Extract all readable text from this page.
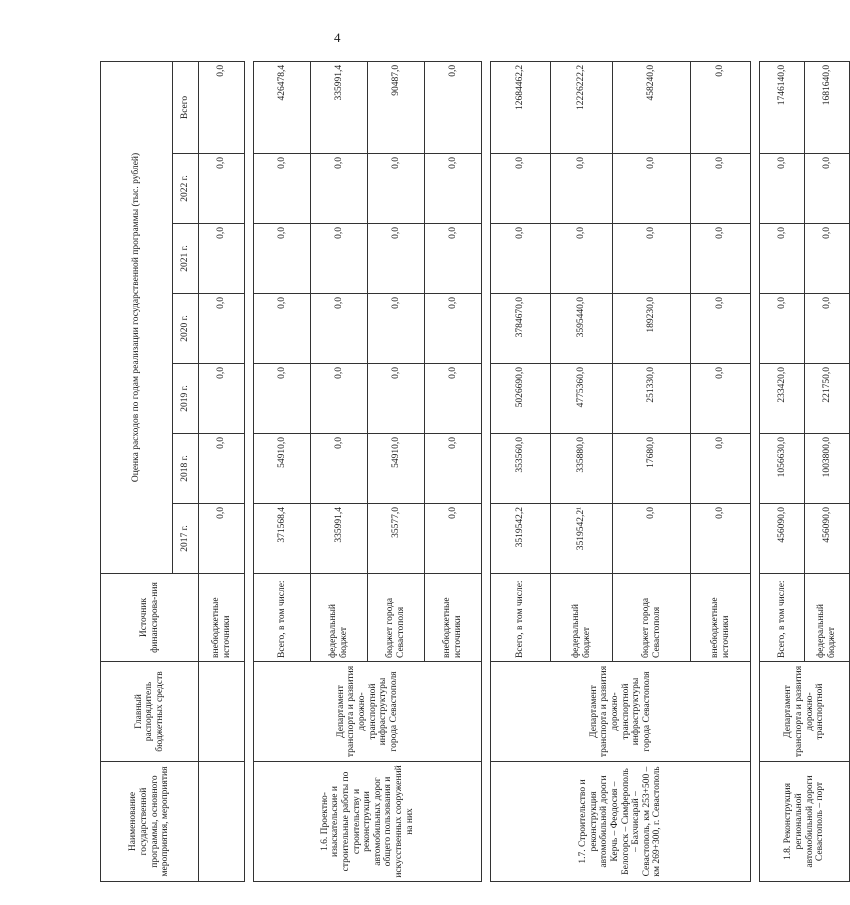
4
Наименование государственной программы, основного мероприятия, мероприятия	Главный распорядитель бюджетных средств	Источник финансирова-ния	Оценка расходов по годам реализации государственной программы (тыс. рублей)						
			2017 г.	2018 г.	2019 г.	2020 г.	2021 г.	2022 г.	Всего
		внебюджетные источники	0,0	0,0	0,0	0,0	0,0	0,0	0,0

1.6. Проектно-изыскательские и строительные работы по строительству и реконструкции автомобильных дорог общего пользования и искусственных сооружений на них	Департамент транспорта и развития дорожно-транспортной инфраструктуры города Севастополя	Всего, в том числе:	371568,4	54910,0	0,0	0,0	0,0	0,0	426478,4
		федеральный бюджет	335991,4	0,0	0,0	0,0	0,0	0,0	335991,4
		бюджет города Севастополя	35577,0	54910,0	0,0	0,0	0,0	0,0	90487,0
		внебюджетные источники	0,0	0,0	0,0	0,0	0,0	0,0	0,0

1.7. Строительство и реконструкция автомобильной дороги Керчь – Феодосия – Белогорск – Симферополь – Бахчисарай – Севастополь, км 253+500 – км 269+300, г. Севастополь	Департамент транспорта и развития дорожно-транспортной инфраструктуры города Севастополя	Всего, в том числе:	3519542,2	353560,0	5026690,0	3784670,0	0,0	0,0	12684462,2
		федеральный бюджет	3519542,2¹	335880,0	4775360,0	3595440,0	0,0	0,0	12226222,2
		бюджет города Севастополя	0,0	17680,0	251330,0	189230,0	0,0	0,0	458240,0
		внебюджетные источники	0,0	0,0	0,0	0,0	0,0	0,0	0,0

1.8. Реконструкция региональной автомобильной дороги Севастополь – порт	Департамент транспорта и развития дорожно-транспортной	Всего, в том числе:	456090,0	1056630,0	233420,0	0,0	0,0	0,0	1746140,0
		федеральный бюджет	456090,0	1003800,0	221750,0	0,0	0,0	0,0	1681640,0
